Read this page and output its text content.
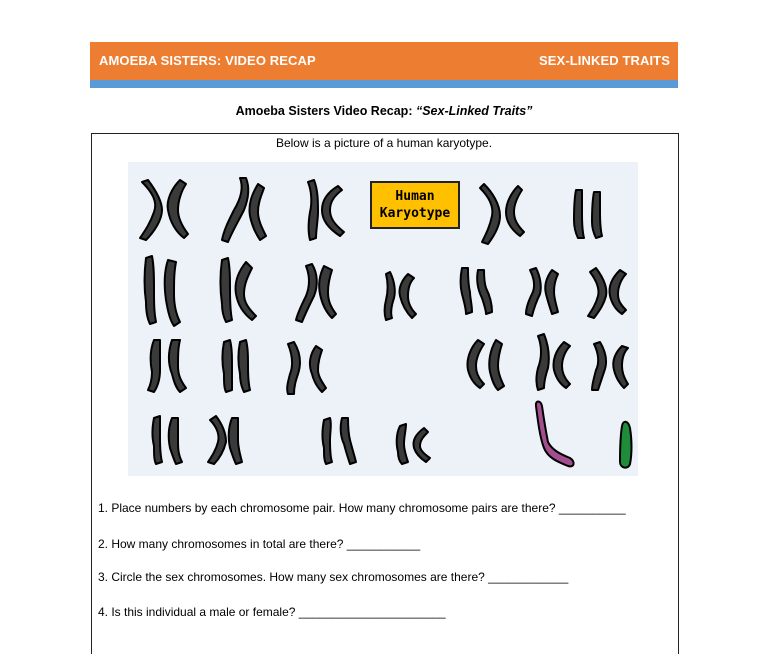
AMOEBA SISTERS: VIDEO RECAP	SEX-LINKED TRAITS
Amoeba Sisters Video Recap: “Sex-Linked Traits”
Below is a picture of a human karyotype.
Human
Karyotype
1. Place numbers by each chromosome pair. How many chromosome pairs are there? __________
2. How many chromosomes in total are there? ___________
3. Circle the sex chromosomes. How many sex chromosomes are there? ____________
4. Is this individual a male or female? ______________________
